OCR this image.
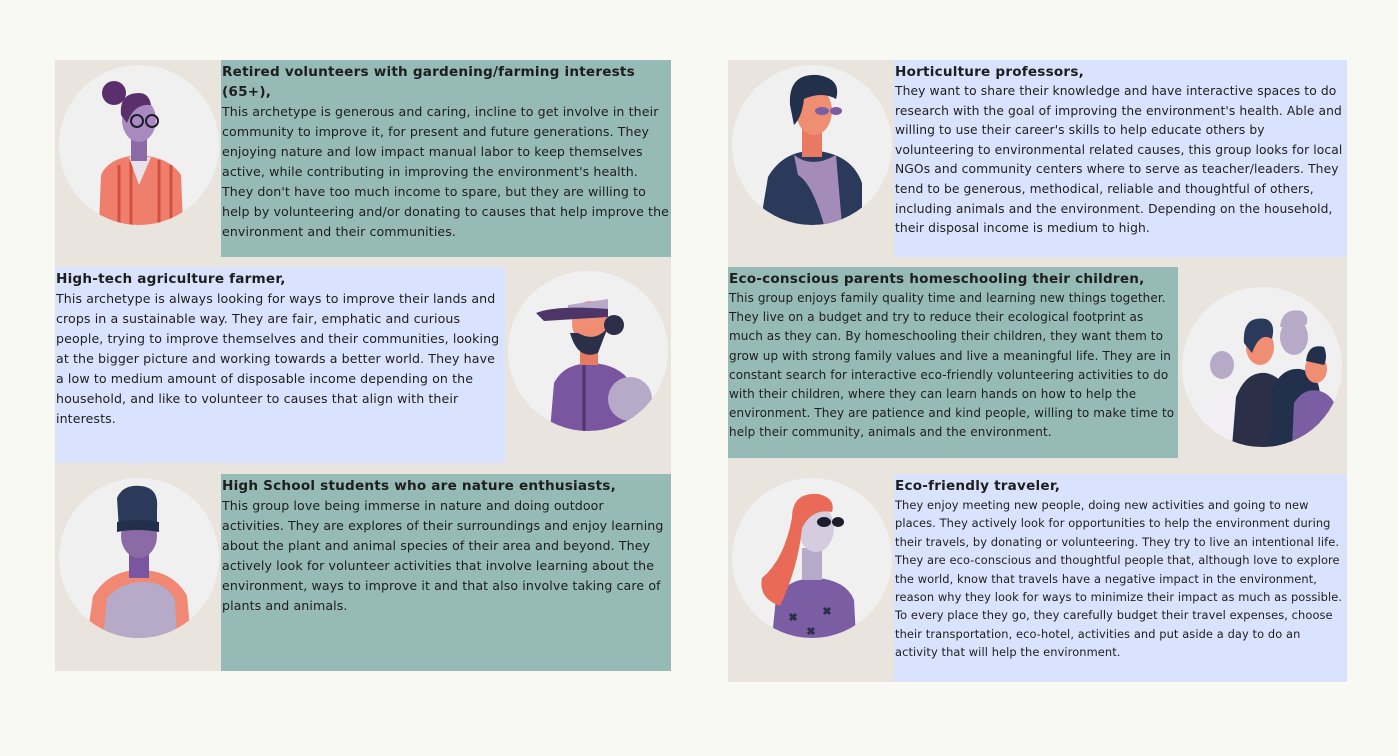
Retired volunteers with gardening/farming interests (65+),

This archetype is generous and caring, incline to get involve in their community to improve it, for present and future generations. They enjoying nature and low impact manual labor to keep themselves active, while contributing in improving the environment's health. They don't have too much income to spare, but they are willing to help by volunteering and/or donating to causes that help improve the environment and their communities.

High-tech agriculture farmer,

This archetype is always looking for ways to improve their lands and crops in a sustainable way. They are fair, emphatic and curious people, trying to improve themselves and their communities, looking at the bigger picture and working towards a better world. They have a low to medium amount of disposable income depending on the household, and like to volunteer to causes that align with their interests.

High School students who are nature enthusiasts,

This group love being immerse in nature and doing outdoor activities. They are explores of their surroundings and enjoy learning about the plant and animal species of their area and beyond. They actively look for volunteer activities that involve learning about the environment, ways to improve it and that also involve taking care of plants and animals.

Horticulture professors,

They want to share their knowledge and have interactive spaces to do research with the goal of improving the environment's health. Able and willing to use their career's skills to help educate others by volunteering to environmental related causes, this group looks for local NGOs and community centers where to serve as teacher/leaders. They tend to be generous, methodical, reliable and thoughtful of others, including animals and the environment. Depending on the household, their disposal income is medium to high.

Eco-conscious parents homeschooling their children,

This group enjoys family quality time and learning new things together. They live on a budget and try to reduce their ecological footprint as much as they can. By homeschooling their children, they want them to grow up with strong family values and live a meaningful life. They are in constant search for interactive eco-friendly volunteering activities to do with their children, where they can learn hands on how to help the environment. They are patience and kind people, willing to make time to help their community, animals and the environment.

Eco-friendly traveler,

They enjoy meeting new people, doing new activities and going to new places. They actively look for opportunities to help the environment during their travels, by donating or volunteering. They try to live an intentional life. They are eco-conscious and thoughtful people that, although love to explore the world, know that travels have a negative impact in the environment, reason why they look for ways to minimize their impact as much as possible.

To every place they go, they carefully budget their travel expenses, choose their transportation, eco-hotel, activities and put aside a day to do an activity that will help the environment.
